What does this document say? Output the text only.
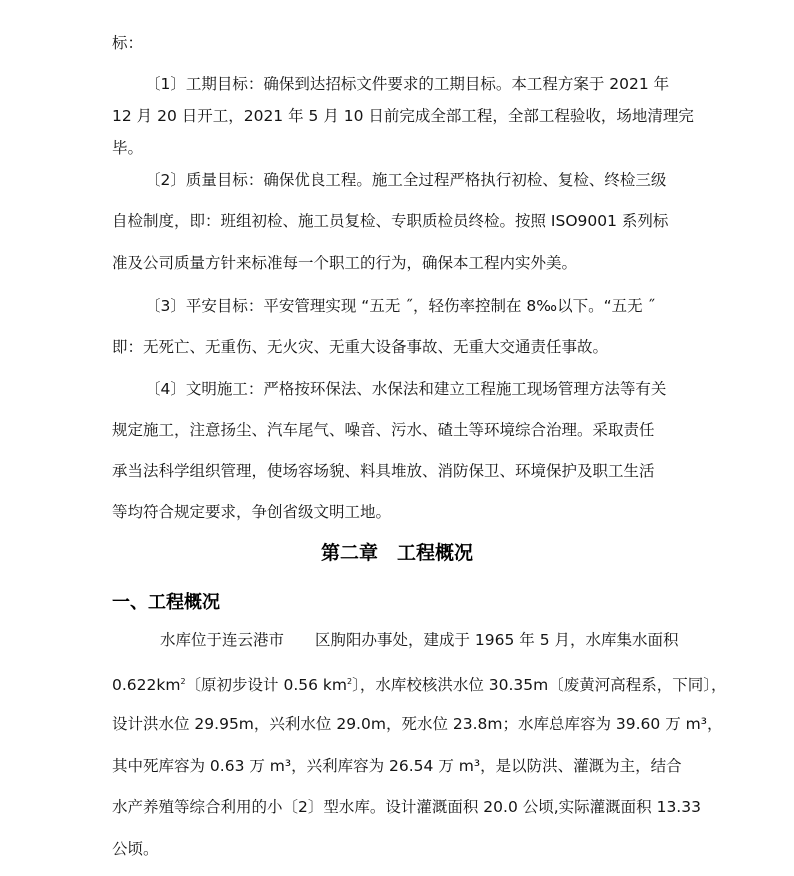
标：
〔1〕工期目标：确保到达招标文件要求的工期目标。本工程方案于 2021 年
12 月 20 日开工，2021 年 5 月 10 日前完成全部工程，全部工程验收，场地清理完
毕。
〔2〕质量目标：确保优良工程。施工全过程严格执行初检、复检、终检三级
自检制度，即：班组初检、施工员复检、专职质检员终检。按照 ISO9001 系列标
准及公司质量方针来标准每一个职工的行为，确保本工程内实外美。
〔3〕平安目标：平安管理实现 “五无 ˝，轻伤率控制在 8‰以下。“五无 ˝
即：无死亡、无重伤、无火灾、无重大设备事故、无重大交通责任事故。
〔4〕文明施工：严格按环保法、水保法和建立工程施工现场管理方法等有关
规定施工，注意扬尘、汽车尾气、噪音、污水、碴土等环境综合治理。采取责任
承当法科学组织管理，使场容场貌、料具堆放、消防保卫、环境保护及职工生活
等均符合规定要求，争创省级文明工地。
第二章　工程概况
一、工程概况
水库位于连云港市　　区朐阳办事处，建成于 1965 年 5 月，水库集水面积
$0.622km^2$〔原初步设计 0.56 $km^2$〕，水库校核洪水位 30.35m〔废黄河高程系，下同〕，
设计洪水位 29.95m，兴利水位 29.0m，死水位 23.8m；水库总库容为 39.60 万 m³，
其中死库容为 0.63 万 m³，兴利库容为 26.54 万 m³，是以防洪、灌溉为主，结合
水产养殖等综合利用的小〔2〕型水库。设计灌溉面积 20.0 公顷,实际灌溉面积 13.33
公顷。
